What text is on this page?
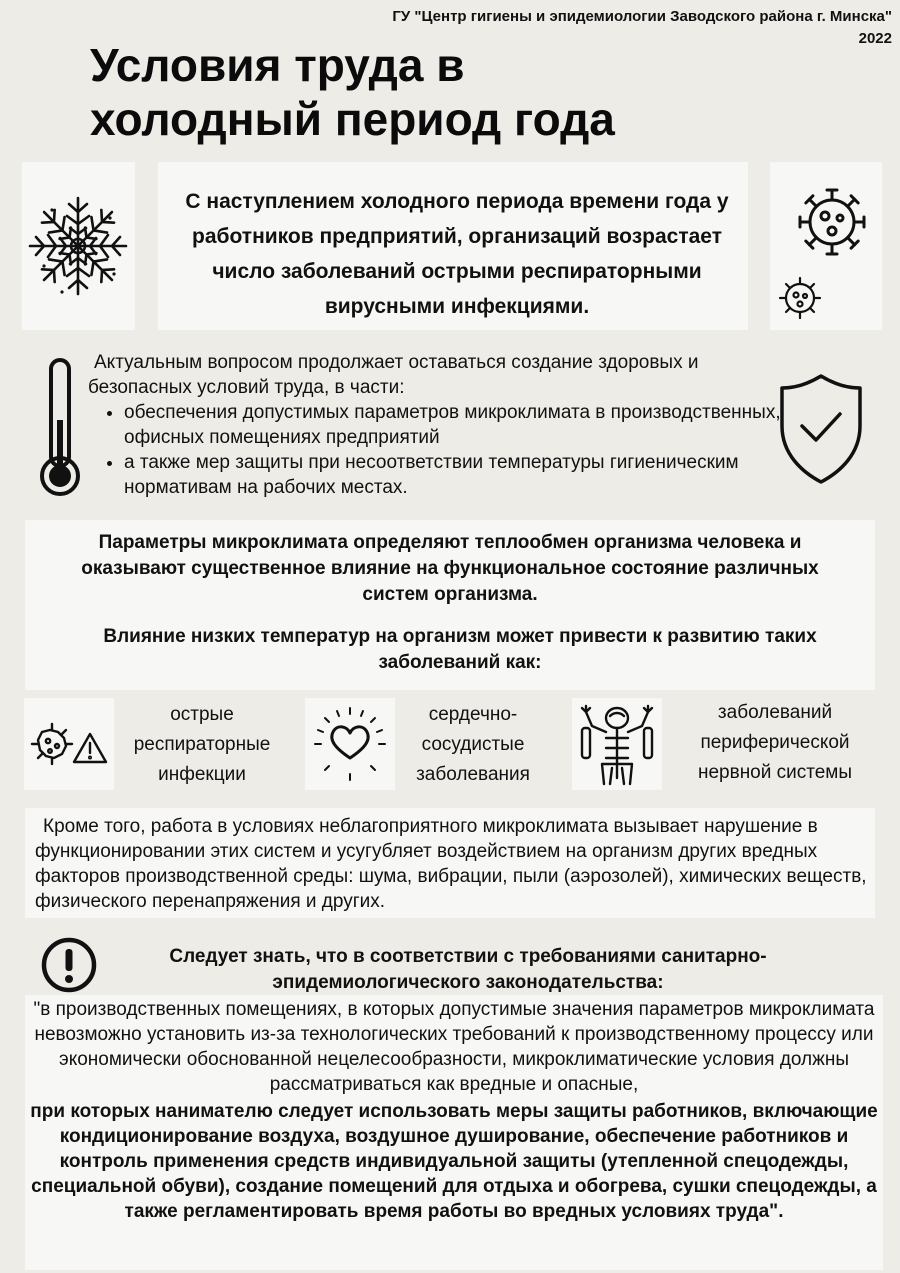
ГУ "Центр гигиены и эпидемиологии Заводского района г. Минска"
2022
Условия труда в
холодный период года

С наступлением холодного периода времени года у работников предприятий, организаций возрастает число заболеваний острыми респираторными вирусными инфекциями.

Актуальным вопросом продолжает оставаться создание здоровых и безопасных условий труда, в части:
• обеспечения допустимых параметров микроклимата в производственных, офисных помещениях предприятий
• а также мер защиты при несоответствии температуры гигиеническим нормативам на рабочих местах.

Параметры микроклимата определяют теплообмен организма человека и оказывают существенное влияние на функциональное состояние различных систем организма.

Влияние низких температур на организм может привести к развитию таких заболеваний как:

острые
респираторные
инфекции
сердечно-
сосудистые
заболевания
заболеваний
периферической
нервной системы

Кроме того, работа в условиях неблагоприятного микроклимата вызывает нарушение в функционировании этих систем и усугубляет воздействием на организм других вредных факторов производственной среды: шума, вибрации, пыли (аэрозолей), химических веществ, физического перенапряжения и других.

Следует знать, что в соответствии с требованиями санитарно-эпидемиологического законодательства:

"в производственных помещениях, в которых допустимые значения параметров микроклимата невозможно установить из-за технологических требований к производственному процессу или экономически обоснованной нецелесообразности, микроклиматические условия должны рассматриваться как вредные и опасные,

при которых нанимателю следует использовать меры защиты работников, включающие кондиционирование воздуха, воздушное душирование, обеспечение работников и контроль применения средств индивидуальной защиты (утепленной спецодежды, специальной обуви), создание помещений для отдыха и обогрева, сушки спецодежды, а также регламентировать время работы во вредных условиях труда".
